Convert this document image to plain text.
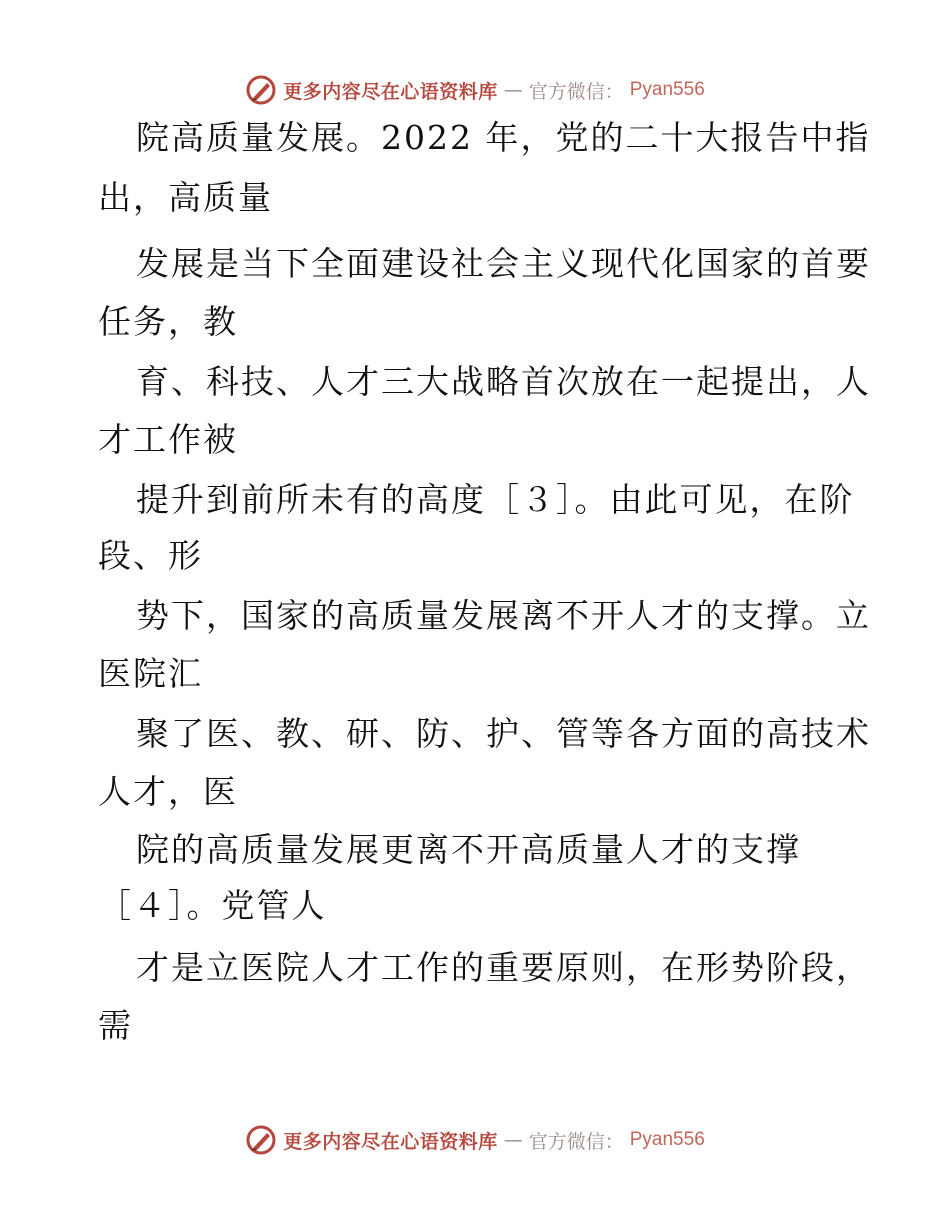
更多内容尽在心语资料库 — 官方微信： Pyan556
院高质量发展。2022 年，党的二十大报告中指
出，高质量
发展是当下全面建设社会主义现代化国家的首要
任务，教
育、科技、人才三大战略首次放在一起提出，人
才工作被
提升到前所未有的高度［３］。由此可见，在阶
段、形
势下，国家的高质量发展离不开人才的支撑。立
医院汇
聚了医、教、研、防、护、管等各方面的高技术
人才，医
院的高质量发展更离不开高质量人才的支撑
［４］。党管人
才是立医院人才工作的重要原则，在形势阶段，
需
更多内容尽在心语资料库 — 官方微信： Pyan556
